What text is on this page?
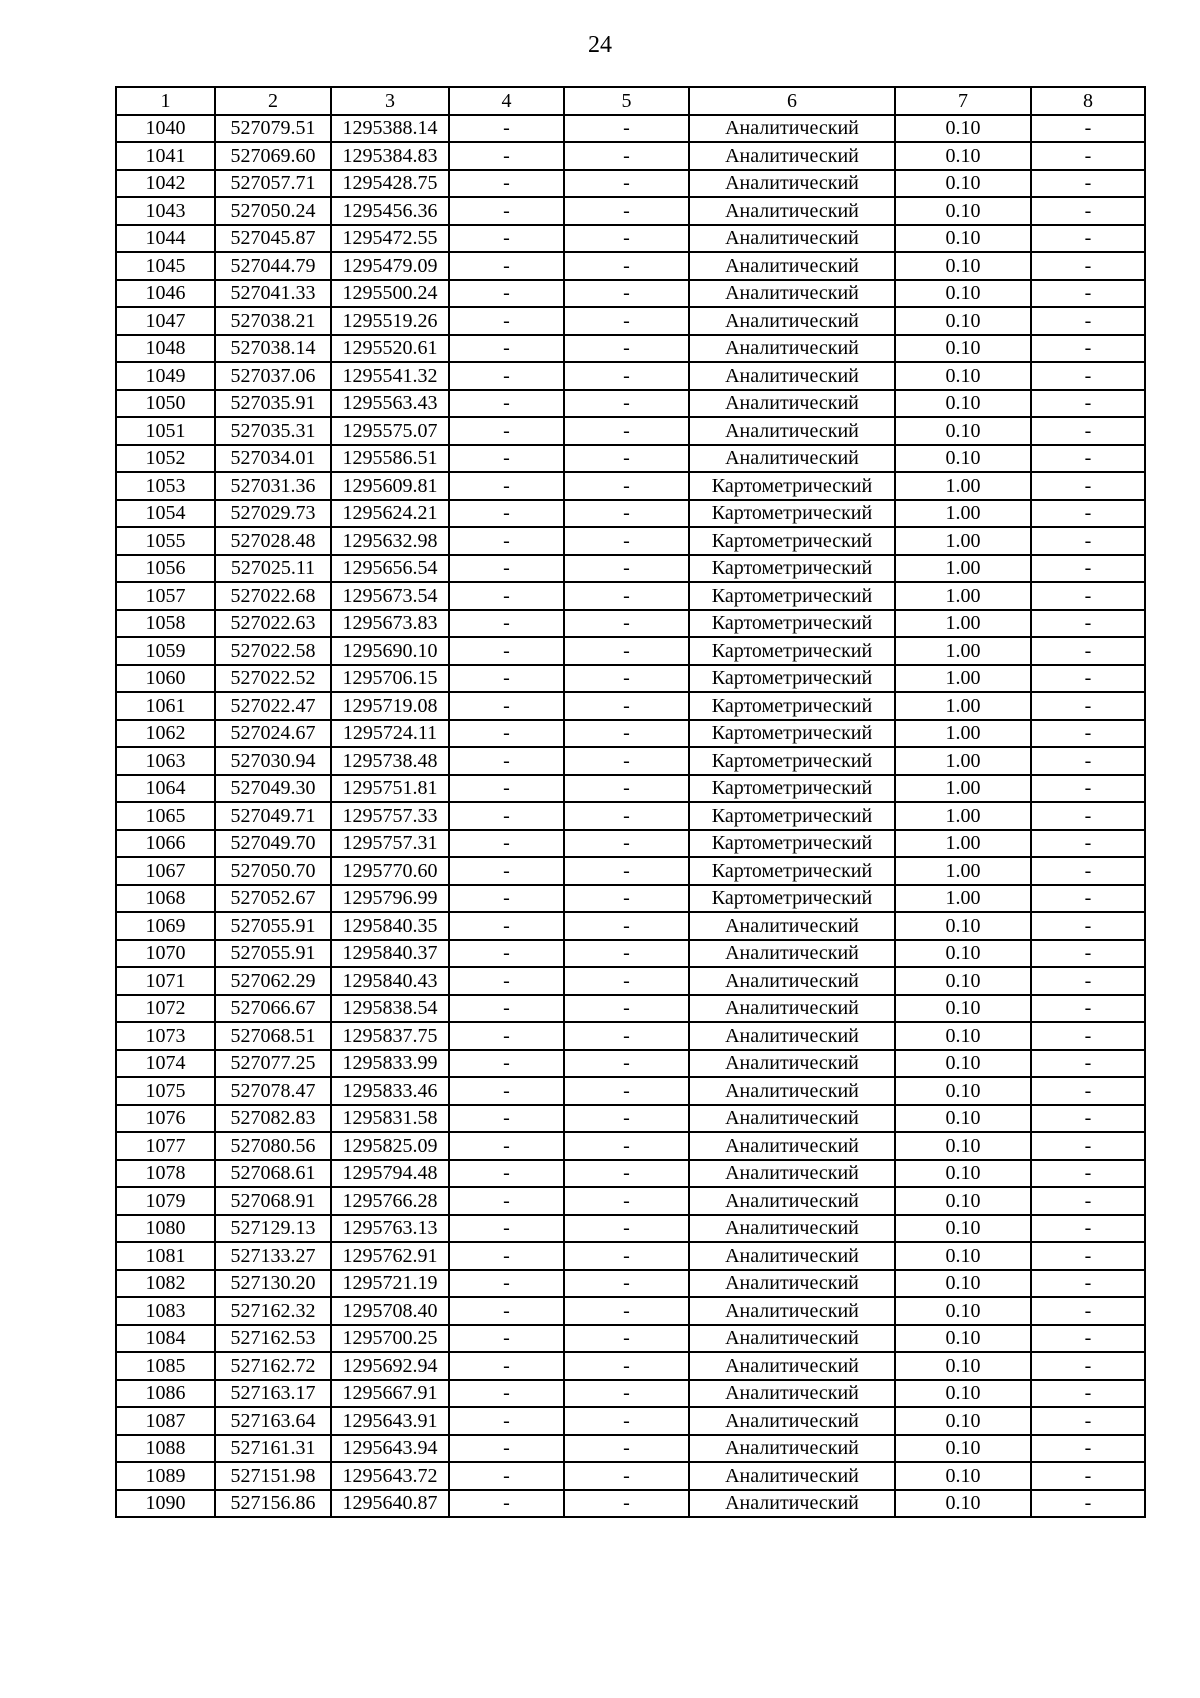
24
1	2	3	4	5	6	7	8
1040	527079.51	1295388.14	-	-	Аналитический	0.10	-
1041	527069.60	1295384.83	-	-	Аналитический	0.10	-
1042	527057.71	1295428.75	-	-	Аналитический	0.10	-
1043	527050.24	1295456.36	-	-	Аналитический	0.10	-
1044	527045.87	1295472.55	-	-	Аналитический	0.10	-
1045	527044.79	1295479.09	-	-	Аналитический	0.10	-
1046	527041.33	1295500.24	-	-	Аналитический	0.10	-
1047	527038.21	1295519.26	-	-	Аналитический	0.10	-
1048	527038.14	1295520.61	-	-	Аналитический	0.10	-
1049	527037.06	1295541.32	-	-	Аналитический	0.10	-
1050	527035.91	1295563.43	-	-	Аналитический	0.10	-
1051	527035.31	1295575.07	-	-	Аналитический	0.10	-
1052	527034.01	1295586.51	-	-	Аналитический	0.10	-
1053	527031.36	1295609.81	-	-	Картометрический	1.00	-
1054	527029.73	1295624.21	-	-	Картометрический	1.00	-
1055	527028.48	1295632.98	-	-	Картометрический	1.00	-
1056	527025.11	1295656.54	-	-	Картометрический	1.00	-
1057	527022.68	1295673.54	-	-	Картометрический	1.00	-
1058	527022.63	1295673.83	-	-	Картометрический	1.00	-
1059	527022.58	1295690.10	-	-	Картометрический	1.00	-
1060	527022.52	1295706.15	-	-	Картометрический	1.00	-
1061	527022.47	1295719.08	-	-	Картометрический	1.00	-
1062	527024.67	1295724.11	-	-	Картометрический	1.00	-
1063	527030.94	1295738.48	-	-	Картометрический	1.00	-
1064	527049.30	1295751.81	-	-	Картометрический	1.00	-
1065	527049.71	1295757.33	-	-	Картометрический	1.00	-
1066	527049.70	1295757.31	-	-	Картометрический	1.00	-
1067	527050.70	1295770.60	-	-	Картометрический	1.00	-
1068	527052.67	1295796.99	-	-	Картометрический	1.00	-
1069	527055.91	1295840.35	-	-	Аналитический	0.10	-
1070	527055.91	1295840.37	-	-	Аналитический	0.10	-
1071	527062.29	1295840.43	-	-	Аналитический	0.10	-
1072	527066.67	1295838.54	-	-	Аналитический	0.10	-
1073	527068.51	1295837.75	-	-	Аналитический	0.10	-
1074	527077.25	1295833.99	-	-	Аналитический	0.10	-
1075	527078.47	1295833.46	-	-	Аналитический	0.10	-
1076	527082.83	1295831.58	-	-	Аналитический	0.10	-
1077	527080.56	1295825.09	-	-	Аналитический	0.10	-
1078	527068.61	1295794.48	-	-	Аналитический	0.10	-
1079	527068.91	1295766.28	-	-	Аналитический	0.10	-
1080	527129.13	1295763.13	-	-	Аналитический	0.10	-
1081	527133.27	1295762.91	-	-	Аналитический	0.10	-
1082	527130.20	1295721.19	-	-	Аналитический	0.10	-
1083	527162.32	1295708.40	-	-	Аналитический	0.10	-
1084	527162.53	1295700.25	-	-	Аналитический	0.10	-
1085	527162.72	1295692.94	-	-	Аналитический	0.10	-
1086	527163.17	1295667.91	-	-	Аналитический	0.10	-
1087	527163.64	1295643.91	-	-	Аналитический	0.10	-
1088	527161.31	1295643.94	-	-	Аналитический	0.10	-
1089	527151.98	1295643.72	-	-	Аналитический	0.10	-
1090	527156.86	1295640.87	-	-	Аналитический	0.10	-
